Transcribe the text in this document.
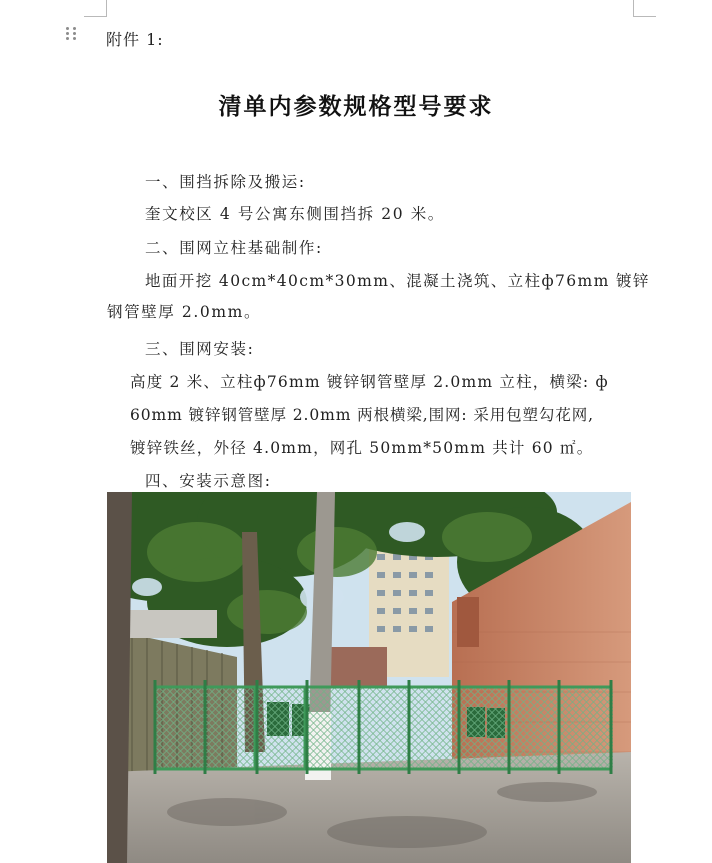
附件 1:
清单内参数规格型号要求
一、围挡拆除及搬运:
奎文校区 4 号公寓东侧围挡拆 20 米。
二、围网立柱基础制作:
地面开挖 40cm*40cm*30mm、混凝土浇筑、立柱ф76mm 镀锌
钢管壁厚 2.0mm。
三、围网安装:
高度 2 米、立柱ф76mm 镀锌钢管壁厚 2.0mm 立柱，横梁: ф
60mm 镀锌钢管壁厚 2.0mm 两根横梁,围网: 采用包塑勾花网,
镀锌铁丝，外径 4.0mm，网孔 50mm*50mm 共计 60 ㎡。
四、安装示意图:
